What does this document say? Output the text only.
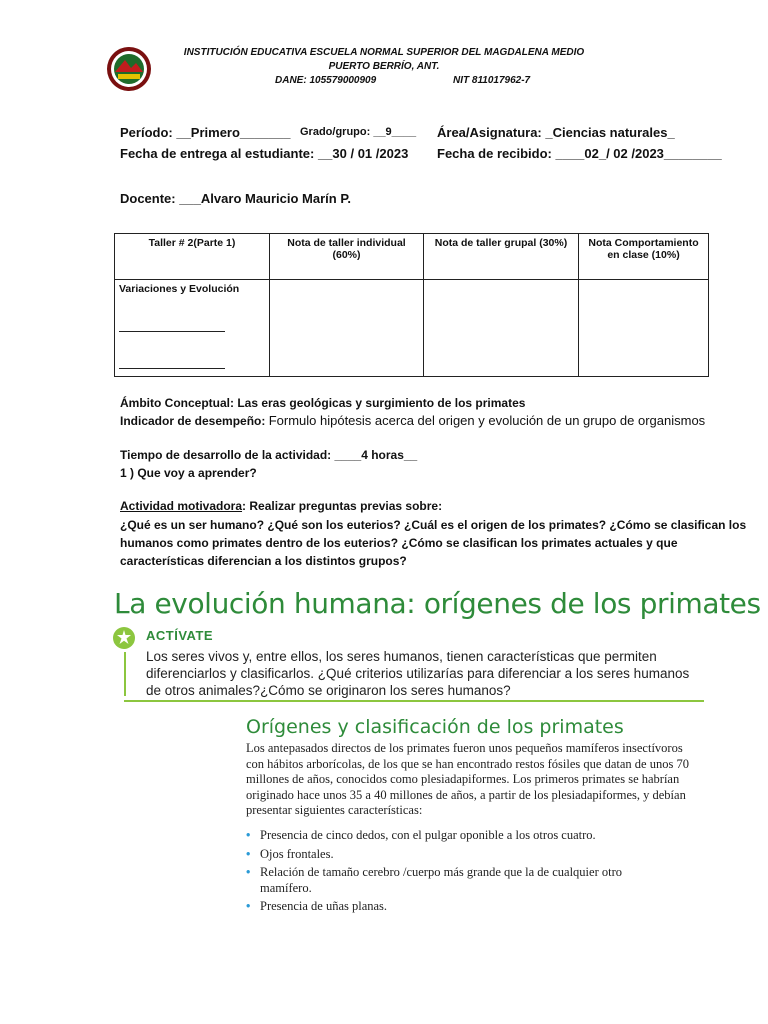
INSTITUCIÓN EDUCATIVA ESCUELA NORMAL SUPERIOR DEL MAGDALENA MEDIO
PUERTO BERRÍO, ANT.
DANE: 105579000909	NIT 811017962-7
Período: __Primero_______ Grado/grupo: __9____ Área/Asignatura: _Ciencias naturales_
Fecha de entrega al estudiante: __30 / 01 /2023 Fecha de recibido: ____02_/ 02 /2023________
Docente: ___Alvaro Mauricio Marín P.
Taller # 2(Parte 1)	Nota de taller individual (60%)	Nota de taller grupal (30%)	Nota Comportamiento en clase (10%)
Variaciones y Evolución

Ámbito Conceptual: Las eras geológicas y surgimiento de los primates
Indicador de desempeño: Formulo hipótesis acerca del origen y evolución de un grupo de organismos
Tiempo de desarrollo de la actividad: ____4 horas__
1 ) Que voy a aprender?
Actividad motivadora: Realizar preguntas previas sobre:
¿Qué es un ser humano? ¿Qué son los euterios? ¿Cuál es el origen de los primates? ¿Cómo se clasifican los humanos como primates dentro de los euterios? ¿Cómo se clasifican los primates actuales y que características diferencian a los distintos grupos?
La evolución humana: orígenes de los primates
ACTÍVATE
Los seres vivos y, entre ellos, los seres humanos, tienen características que permiten diferenciarlos y clasificarlos. ¿Qué criterios utilizarías para diferenciar a los seres humanos de otros animales?¿Cómo se originaron los seres humanos?
Orígenes y clasificación de los primates
Los antepasados directos de los primates fueron unos pequeños mamíferos insectívoros con hábitos arborícolas, de los que se han encontrado restos fósiles que datan de unos 70 millones de años, conocidos como plesiadapiformes. Los primeros primates se habrían originado hace unos 35 a 40 millones de años, a partir de los plesiadapiformes, y debían presentar siguientes características:
• Presencia de cinco dedos, con el pulgar oponible a los otros cuatro.
• Ojos frontales.
• Relación de tamaño cerebro /cuerpo más grande que la de cualquier otro mamífero.
• Presencia de uñas planas.
